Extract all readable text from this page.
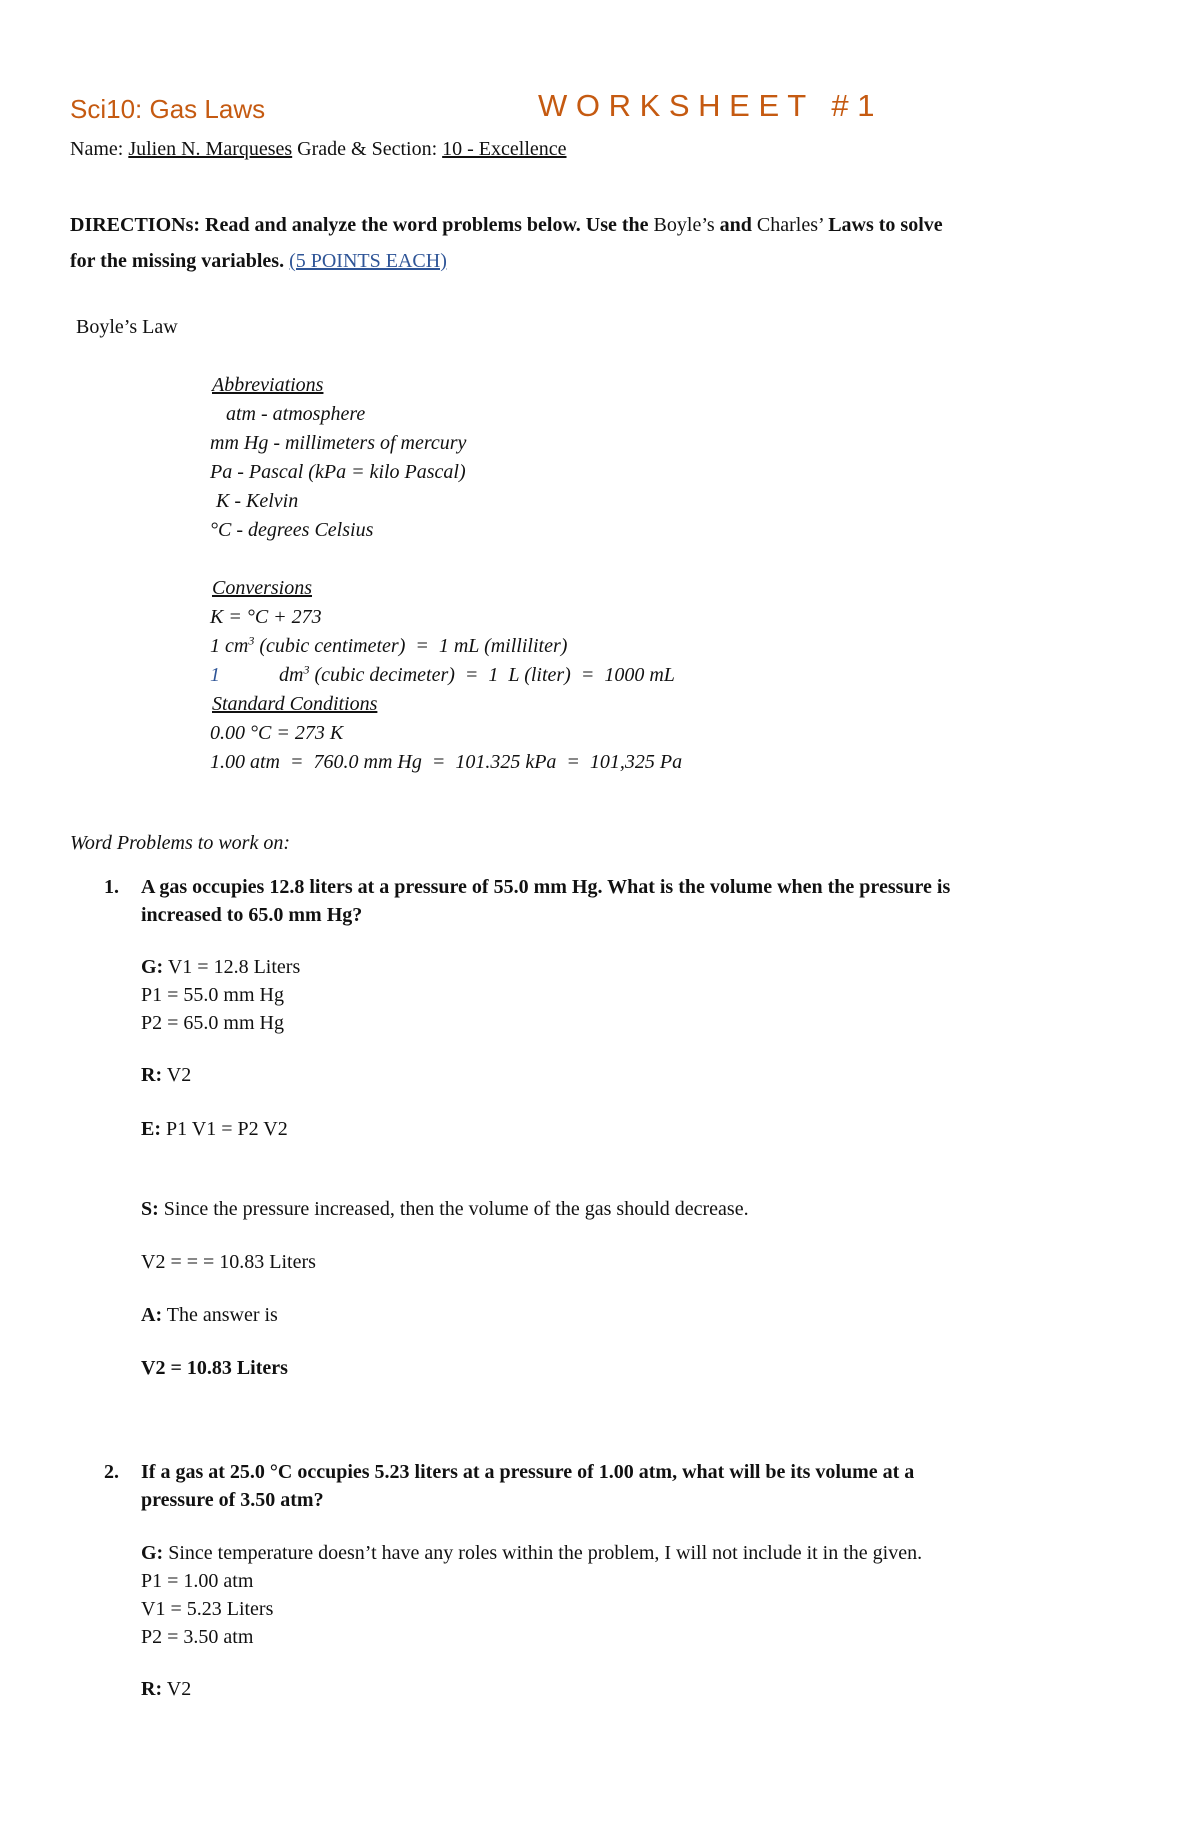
Sci10: Gas Laws	W O R K S H E E T   # 1
Name: Julien N. Marqueses Grade & Section: 10 - Excellence
DIRECTIONs: Read and analyze the word problems below. Use the Boyle’s and Charles’ Laws to solve
for the missing variables. (5 POINTS EACH)
Boyle’s Law
Abbreviations
atm - atmosphere
mm Hg - millimeters of mercury
Pa - Pascal (kPa = kilo Pascal)
K - Kelvin
°C - degrees Celsius
Conversions
K = °C + 273
1 $cm^3$ (cubic centimeter)  =  1 mL (milliliter)
1	$dm^3$ (cubic decimeter)  =  1  L (liter)  =  1000 mL
Standard Conditions
0.00 °C = 273 K
1.00 atm  =  760.0 mm Hg  =  101.325 kPa  =  101,325 Pa
Word Problems to work on:
1. A gas occupies 12.8 liters at a pressure of 55.0 mm Hg. What is the volume when the pressure is
increased to 65.0 mm Hg?
G: V1 = 12.8 Liters
P1 = 55.0 mm Hg
P2 = 65.0 mm Hg
R: V2
E: P1 V1 = P2 V2
S: Since the pressure increased, then the volume of the gas should decrease.
V2 = = = 10.83 Liters
A: The answer is
V2 = 10.83 Liters
2. If a gas at 25.0 °C occupies 5.23 liters at a pressure of 1.00 atm, what will be its volume at a
pressure of 3.50 atm?
G: Since temperature doesn’t have any roles within the problem, I will not include it in the given.
P1 = 1.00 atm
V1 = 5.23 Liters
P2 = 3.50 atm
R: V2
